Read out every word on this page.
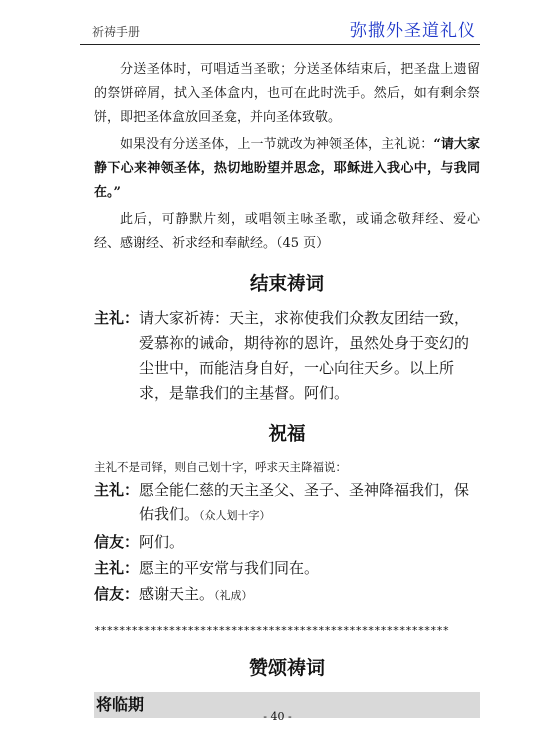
祈祷手册	弥撒外圣道礼仪

分送圣体时，可唱适当圣歌；分送圣体结束后，把圣盘上遗留的祭饼碎屑，拭入圣体盒内，也可在此时洗手。然后，如有剩余祭饼，即把圣体盒放回圣龛，并向圣体致敬。

如果没有分送圣体，上一节就改为神领圣体，主礼说：“请大家静下心来神领圣体，热切地盼望并思念，耶稣进入我心中，与我同在。”

此后，可静默片刻，或唱领主咏圣歌，或诵念敬拜经、爱心经、感谢经、祈求经和奉献经。（45 页）

结束祷词
主礼： 请大家祈祷：天主，求祢使我们众教友团结一致，爱慕祢的诫命，期待祢的恩许，虽然处身于变幻的尘世中，而能洁身自好，一心向往天乡。以上所求，是靠我们的主基督。阿们。
祝福

主礼不是司铎，则自己划十字，呼求天主降福说：

主礼： 愿全能仁慈的天主圣父、圣子、圣神降福我们，保佑我们。（众人划十字）
信友： 阿们。
主礼： 愿主的平安常与我们同在。
信友： 感谢天主。（礼成）
*********************************************************
赞颂祷词
将临期
- 40 -
